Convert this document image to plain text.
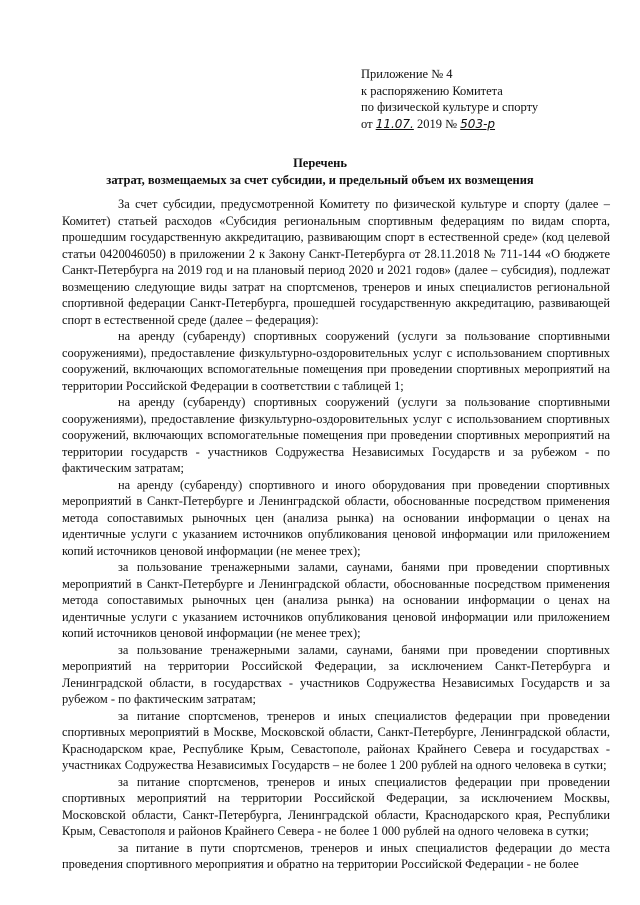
Приложение № 4
к распоряжению Комитета
по физической культуре и спорту
от 11.07. 2019 № 503-р
Перечень
затрат, возмещаемых за счет субсидии, и предельный объем их возмещения

За счет субсидии, предусмотренной Комитету по физической культуре и спорту (далее – Комитет) статьей расходов «Субсидия региональным спортивным федерациям по видам спорта, прошедшим государственную аккредитацию, развивающим спорт в естественной среде» (код целевой статьи 0420046050) в приложении 2 к Закону Санкт-Петербурга от 28.11.2018 № 711-144 «О бюджете Санкт-Петербурга на 2019 год и на плановый период 2020 и 2021 годов» (далее – субсидия), подлежат возмещению следующие виды затрат на спортсменов, тренеров и иных специалистов региональной спортивной федерации Санкт-Петербурга, прошедшей государственную аккредитацию, развивающей спорт в естественной среде (далее – федерация):

на аренду (субаренду) спортивных сооружений (услуги за пользование спортивными сооружениями), предоставление физкультурно-оздоровительных услуг с использованием спортивных сооружений, включающих вспомогательные помещения при проведении спортивных мероприятий на территории Российской Федерации в соответствии с таблицей 1;

на аренду (субаренду) спортивных сооружений (услуги за пользование спортивными сооружениями), предоставление физкультурно-оздоровительных услуг с использованием спортивных сооружений, включающих вспомогательные помещения при проведении спортивных мероприятий на территории государств - участников Содружества Независимых Государств и за рубежом - по фактическим затратам;

на аренду (субаренду) спортивного и иного оборудования при проведении спортивных мероприятий в Санкт-Петербурге и Ленинградской области, обоснованные посредством применения метода сопоставимых рыночных цен (анализа рынка) на основании информации о ценах на идентичные услуги с указанием источников опубликования ценовой информации или приложением копий источников ценовой информации (не менее трех);

за пользование тренажерными залами, саунами, банями при проведении спортивных мероприятий в Санкт-Петербурге и Ленинградской области, обоснованные посредством применения метода сопоставимых рыночных цен (анализа рынка) на основании информации о ценах на идентичные услуги с указанием источников опубликования ценовой информации или приложением копий источников ценовой информации (не менее трех);

за пользование тренажерными залами, саунами, банями при проведении спортивных мероприятий на территории Российской Федерации, за исключением Санкт-Петербурга и Ленинградской области, в государствах - участников Содружества Независимых Государств и за рубежом - по фактическим затратам;

за питание спортсменов, тренеров и иных специалистов федерации при проведении спортивных мероприятий в Москве, Московской области, Санкт-Петербурге, Ленинградской области, Краснодарском крае, Республике Крым, Севастополе, районах Крайнего Севера и государствах - участниках Содружества Независимых Государств – не более 1 200 рублей на одного человека в сутки;

за питание спортсменов, тренеров и иных специалистов федерации при проведении спортивных мероприятий на территории Российской Федерации, за исключением Москвы, Московской области, Санкт-Петербурга, Ленинградской области, Краснодарского края, Республики Крым, Севастополя и районов Крайнего Севера - не более 1 000 рублей на одного человека в сутки;

за питание в пути спортсменов, тренеров и иных специалистов федерации до места проведения спортивного мероприятия и обратно на территории Российской Федерации - не более
